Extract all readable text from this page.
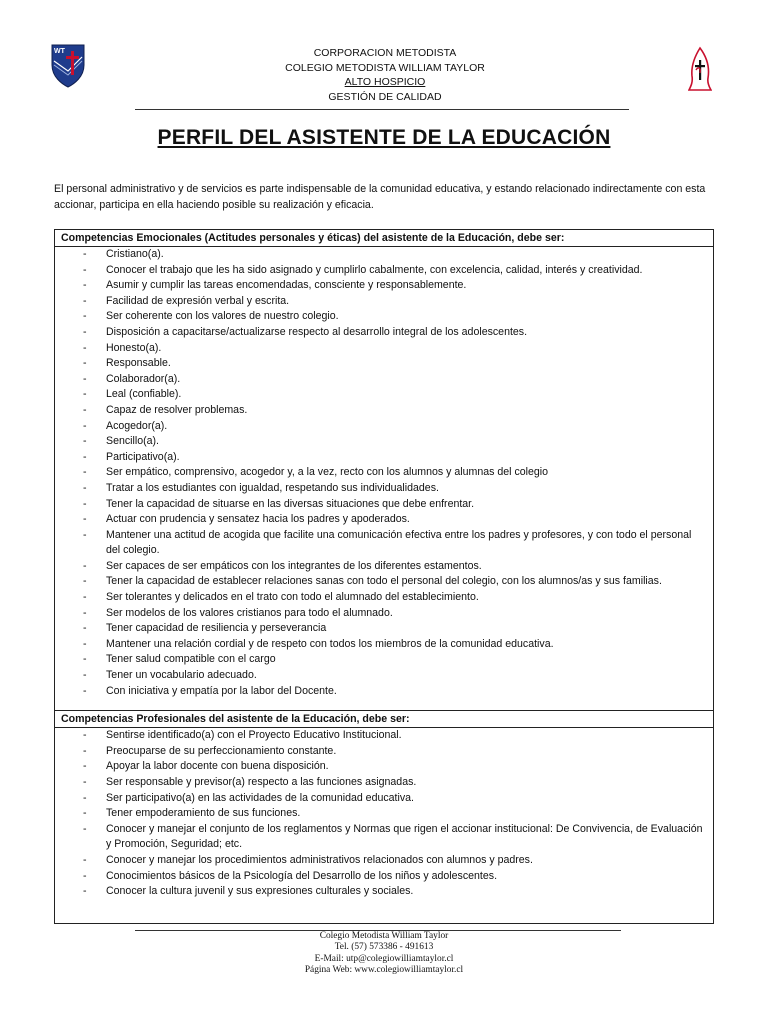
WT	CORPORACION METODISTA
COLEGIO METODISTA WILLIAM TAYLOR
ALTO HOSPICIO
GESTIÓN DE CALIDAD
PERFIL DEL ASISTENTE DE LA EDUCACIÓN
El personal administrativo y de servicios es parte indispensable de la comunidad educativa, y estando relacionado indirectamente con esta accionar, participa en ella haciendo posible su realización y eficacia.
Competencias Emocionales (Actitudes personales y éticas) del asistente de la Educación, debe ser:
- Cristiano(a).
- Conocer el trabajo que les ha sido asignado y cumplirlo cabalmente, con excelencia, calidad, interés y creatividad.
- Asumir y cumplir las tareas encomendadas, consciente y responsablemente.
- Facilidad de expresión verbal y escrita.
- Ser coherente con los valores de nuestro colegio.
- Disposición a capacitarse/actualizarse respecto al desarrollo integral de los adolescentes.
- Honesto(a).
- Responsable.
- Colaborador(a).
- Leal (confiable).
- Capaz de resolver problemas.
- Acogedor(a).
- Sencillo(a).
- Participativo(a).
- Ser empático, comprensivo, acogedor y, a la vez, recto con los alumnos y alumnas del colegio
- Tratar a los estudiantes con igualdad, respetando sus individualidades.
- Tener la capacidad de situarse en las diversas situaciones que debe enfrentar.
- Actuar con prudencia y sensatez hacia los padres y apoderados.
- Mantener una actitud de acogida que facilite una comunicación efectiva entre los padres y profesores, y con todo el personal del colegio.
- Ser capaces de ser empáticos con los integrantes de los diferentes estamentos.
- Tener la capacidad de establecer relaciones sanas con todo el personal del colegio, con los alumnos/as y sus familias.
- Ser tolerantes y delicados en el trato con todo el alumnado del establecimiento.
- Ser modelos de los valores cristianos para todo el alumnado.
- Tener capacidad de resiliencia y perseverancia
- Mantener una relación cordial y de respeto con todos los miembros de la comunidad educativa.
- Tener salud compatible con el cargo
- Tener un vocabulario adecuado.
- Con iniciativa y empatía por la labor del Docente.
Competencias Profesionales del asistente de la Educación, debe ser:
- Sentirse identificado(a) con el Proyecto Educativo Institucional.
- Preocuparse de su perfeccionamiento constante.
- Apoyar la labor docente con buena disposición.
- Ser responsable y previsor(a) respecto a las funciones asignadas.
- Ser participativo(a) en las actividades de la comunidad educativa.
- Tener empoderamiento de sus funciones.
- Conocer y manejar el conjunto de los reglamentos y Normas que rigen el accionar institucional: De Convivencia, de Evaluación y Promoción, Seguridad; etc.
- Conocer y manejar los procedimientos administrativos relacionados con alumnos y padres.
- Conocimientos básicos de la Psicología del Desarrollo de los niños y adolescentes.
- Conocer la cultura juvenil y sus expresiones culturales y sociales.
Colegio Metodista William Taylor
Tel. (57) 573386 - 491613
E-Mail: utp@colegiowilliamtaylor.cl
Página Web: www.colegiowilliamtaylor.cl
